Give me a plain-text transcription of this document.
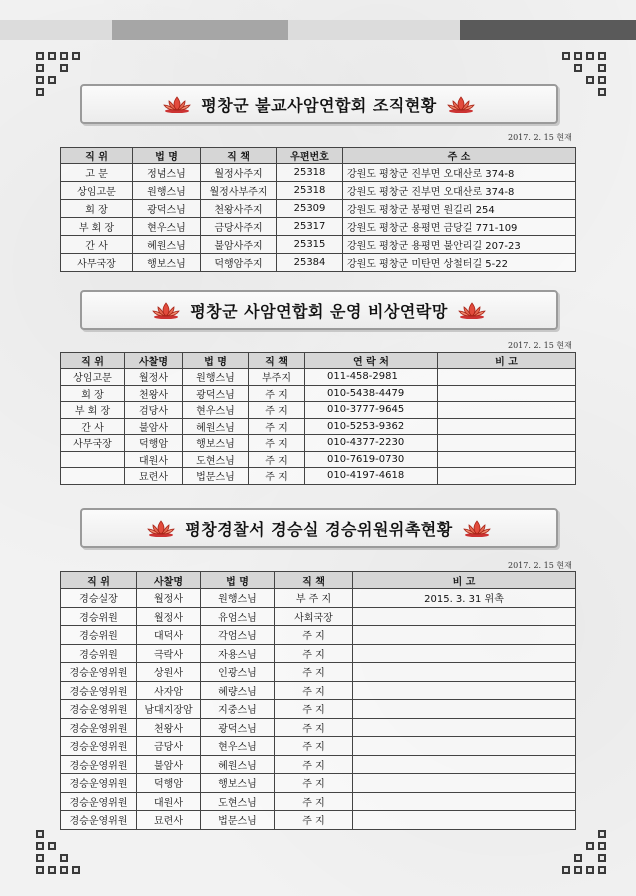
평창군 불교사암연합회 조직현황
2017. 2. 15 현재
직 위	법 명	직 책	우편번호	주 소
고 문	정념스님	월정사주지	25318	강원도 평창군 진부면 오대산로 374-8
상임고문	원행스님	월정사부주지	25318	강원도 평창군 진부면 오대산로 374-8
회 장	광덕스님	천왕사주지	25309	강원도 평창군 봉평면 원길리 254
부 회 장	현우스님	금당사주지	25317	강원도 평창군 용평면 금당길 771-109
간 사	혜원스님	불암사주지	25315	강원도 평창군 용평면 불안리길 207-23
사무국장	행보스님	덕행암주지	25384	강원도 평창군 미탄면 상철터길 5-22
평창군 사암연합회 운영 비상연락망
2017. 2. 15 현재
직 위	사찰명	법 명	직 책	연 락 처	비 고
상임고문	월정사	원행스님	부주지	011-458-2981	
회 장	천왕사	광덕스님	주 지	010-5438-4479	
부 회 장	검당사	현우스님	주 지	010-3777-9645	
간 사	불암사	혜원스님	주 지	010-5253-9362	
사무국장	덕행암	행보스님	주 지	010-4377-2230	
	대원사	도현스님	주 지	010-7619-0730	
	묘련사	법문스님	주 지	010-4197-4618	
평창경찰서 경승실 경승위원위촉현황
2017. 2. 15 현재
직 위	사찰명	법 명	직 책	비 고
경승실장	월정사	원행스님	부 주 지	2015. 3. 31 위촉
경승위원	월정사	유엄스님	사회국장	
경승위원	대덕사	각엄스님	주 지	
경승위원	극락사	자용스님	주 지	
경승운영위원	상원사	인광스님	주 지	
경승운영위원	사자암	혜량스님	주 지	
경승운영위원	남대지장암	지중스님	주 지	
경승운영위원	천왕사	광덕스님	주 지	
경승운영위원	금당사	현우스님	주 지	
경승운영위원	불암사	혜원스님	주 지	
경승운영위원	덕행암	행보스님	주 지	
경승운영위원	대원사	도현스님	주 지	
경승운영위원	묘련사	법문스님	주 지	
